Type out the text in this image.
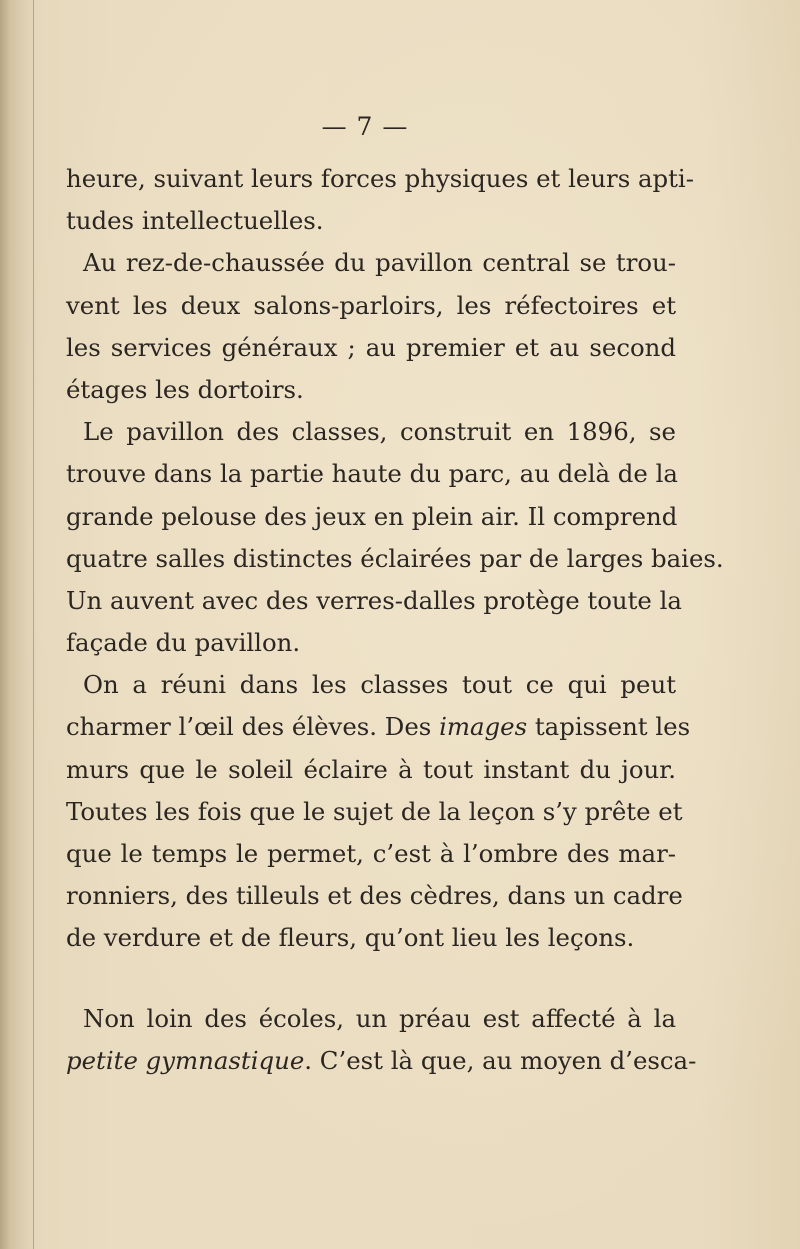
— 7 —
heure, suivant leurs forces physiques et leurs apti-
tudes intellectuelles.
Au rez-de-chaussée du pavillon central se trou-
vent les deux salons-parloirs, les réfectoires et
les services généraux ; au premier et au second
étages les dortoirs.
Le pavillon des classes, construit en 1896, se
trouve dans la partie haute du parc, au delà de la
grande pelouse des jeux en plein air. Il comprend
quatre salles distinctes éclairées par de larges baies.
Un auvent avec des verres-dalles protège toute la
façade du pavillon.
On a réuni dans les classes tout ce qui peut
charmer l’œil des élèves. Des images tapissent les
murs que le soleil éclaire à tout instant du jour.
Toutes les fois que le sujet de la leçon s’y prête et
que le temps le permet, c’est à l’ombre des mar-
ronniers, des tilleuls et des cèdres, dans un cadre
de verdure et de fleurs, qu’ont lieu les leçons.
Non loin des écoles, un préau est affecté à la
petite gymnastique. C’est là que, au moyen d’esca-
